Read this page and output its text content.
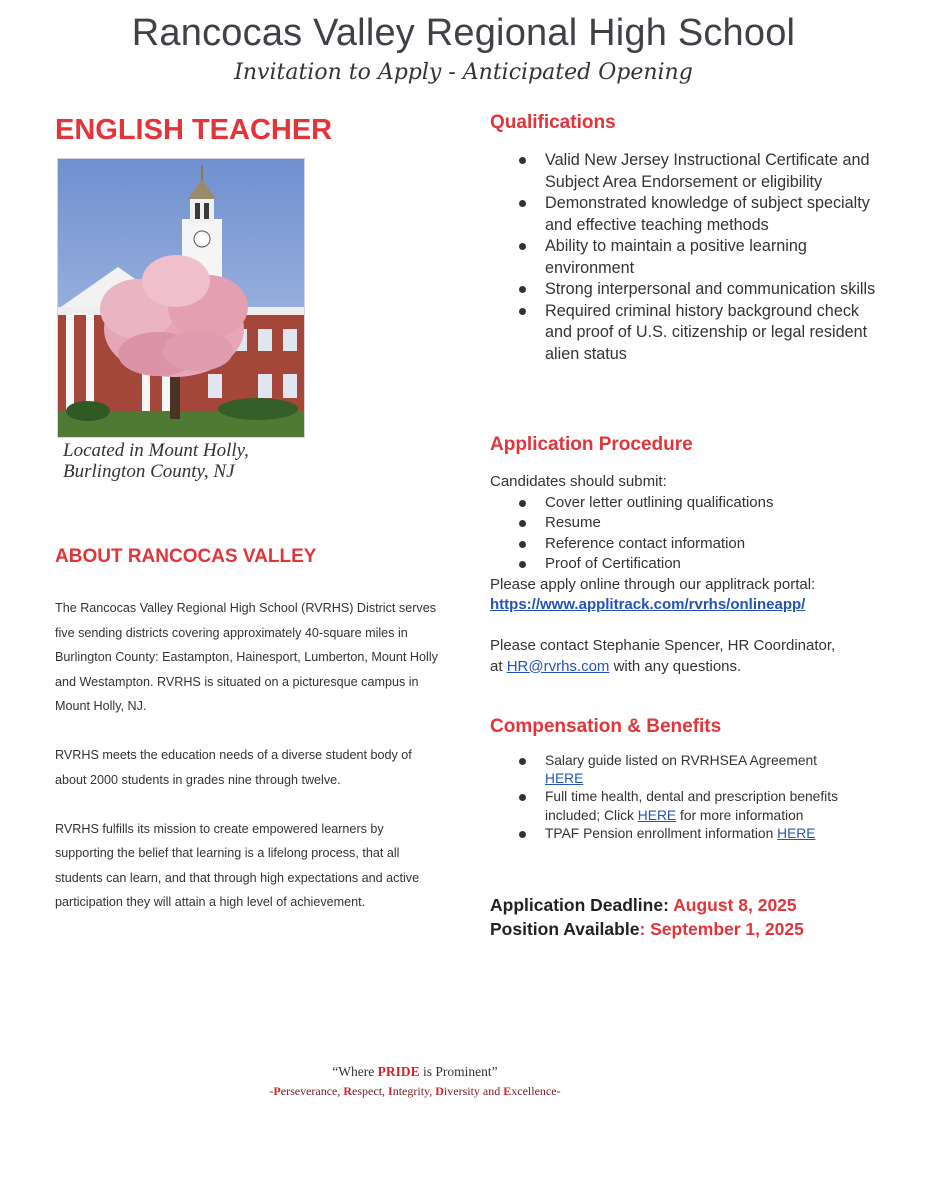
Rancocas Valley Regional High School
Invitation to Apply - Anticipated Opening
ENGLISH TEACHER
Located in Mount Holly,
Burlington County, NJ
ABOUT RANCOCAS VALLEY

The Rancocas Valley Regional High School (RVRHS) District serves five sending districts covering approximately 40-square miles in Burlington County: Eastampton, Hainesport, Lumberton, Mount Holly and Westampton. RVRHS is situated on a picturesque campus in Mount Holly, NJ.

RVRHS meets the education needs of a diverse student body of about 2000 students in grades nine through twelve.

RVRHS fulfills its mission to create empowered learners by supporting the belief that learning is a lifelong process, that all students can learn, and that through high expectations and active participation they will attain a high level of achievement.

Qualifications
Valid New Jersey Instructional Certificate and Subject Area Endorsement or eligibility
Demonstrated knowledge of subject specialty and effective teaching methods
Ability to maintain a positive learning environment
Strong interpersonal and communication skills
Required criminal history background check and proof of U.S. citizenship or legal resident alien status
Application Procedure
Candidates should submit:
Cover letter outlining qualifications
Resume
Reference contact information
Proof of Certification
Please apply online through our applitrack portal:
https://www.applitrack.com/rvrhs/onlineapp/
Please contact Stephanie Spencer, HR Coordinator,
at HR@rvrhs.com with any questions.
Compensation & Benefits
Salary guide listed on RVRHSEA Agreement
HERE
Full time health, dental and prescription benefits included; Click HERE for more information
TPAF Pension enrollment information HERE
Application Deadline: August 8, 2025
Position Available: September 1, 2025
“Where PRIDE is Prominent”
-Perseverance, Respect, Integrity, Diversity and Excellence-
